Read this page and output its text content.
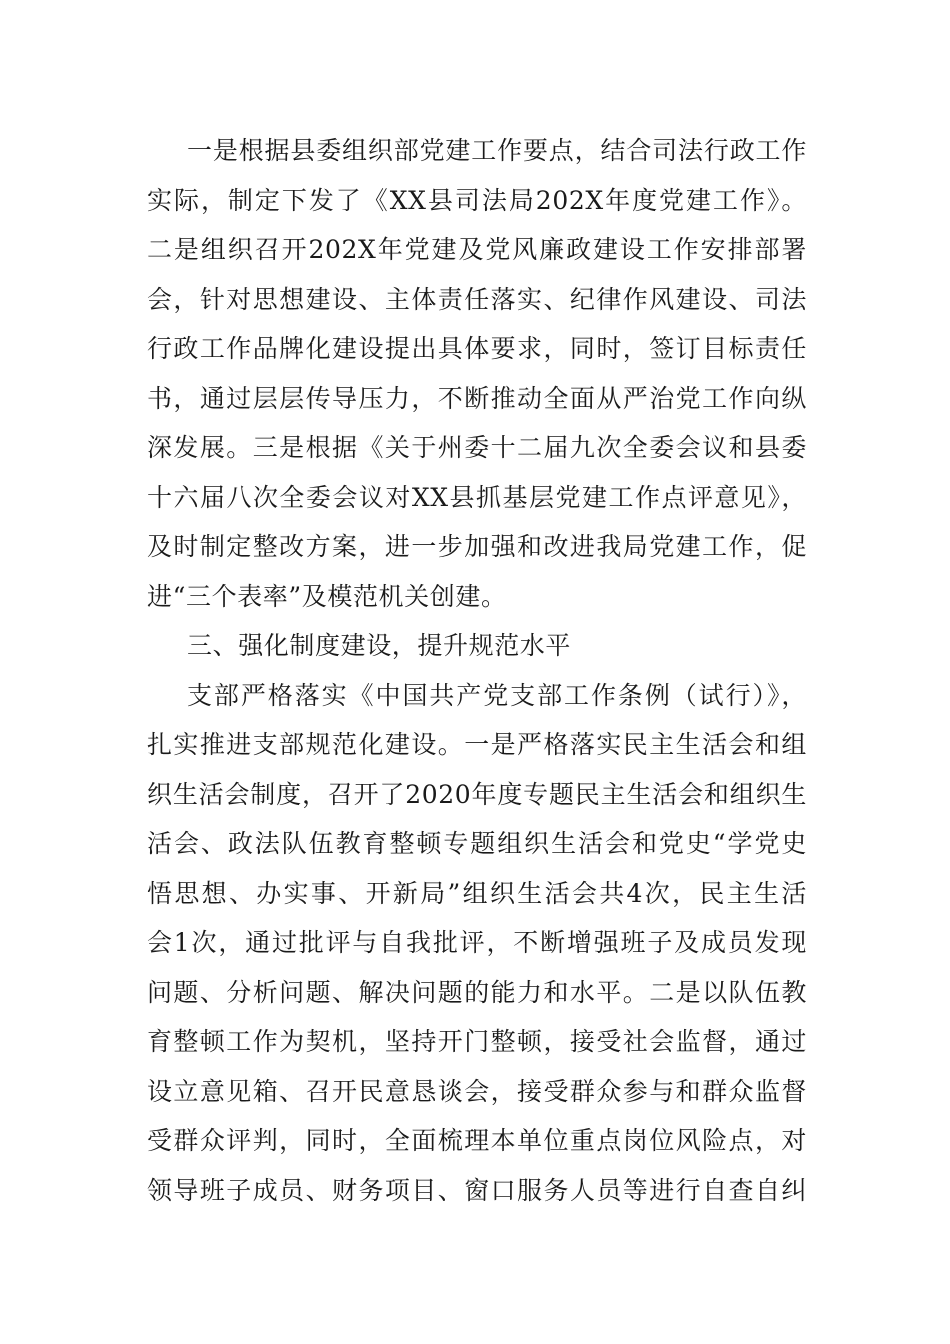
一是根据县委组织部党建工作要点，结合司法行政工作
实际，制定下发了《XX县司法局202X年度党建工作》。
二是组织召开202X年党建及党风廉政建设工作安排部署
会，针对思想建设、主体责任落实、纪律作风建设、司法
行政工作品牌化建设提出具体要求，同时，签订目标责任
书，通过层层传导压力，不断推动全面从严治党工作向纵
深发展。三是根据《关于州委十二届九次全委会议和县委
十六届八次全委会议对XX县抓基层党建工作点评意见》，
及时制定整改方案，进一步加强和改进我局党建工作，促
进“三个表率”及模范机关创建。
三、强化制度建设，提升规范水平
支部严格落实《中国共产党支部工作条例（试行）》，
扎实推进支部规范化建设。一是严格落实民主生活会和组
织生活会制度，召开了2020年度专题民主生活会和组织生
活会、政法队伍教育整顿专题组织生活会和党史“学党史
悟思想、办实事、开新局”组织生活会共4次，民主生活
会1次，通过批评与自我批评，不断增强班子及成员发现
问题、分析问题、解决问题的能力和水平。二是以队伍教
育整顿工作为契机，坚持开门整顿，接受社会监督，通过
设立意见箱、召开民意恳谈会，接受群众参与和群众监督
受群众评判，同时，全面梳理本单位重点岗位风险点，对
领导班子成员、财务项目、窗口服务人员等进行自查自纠
